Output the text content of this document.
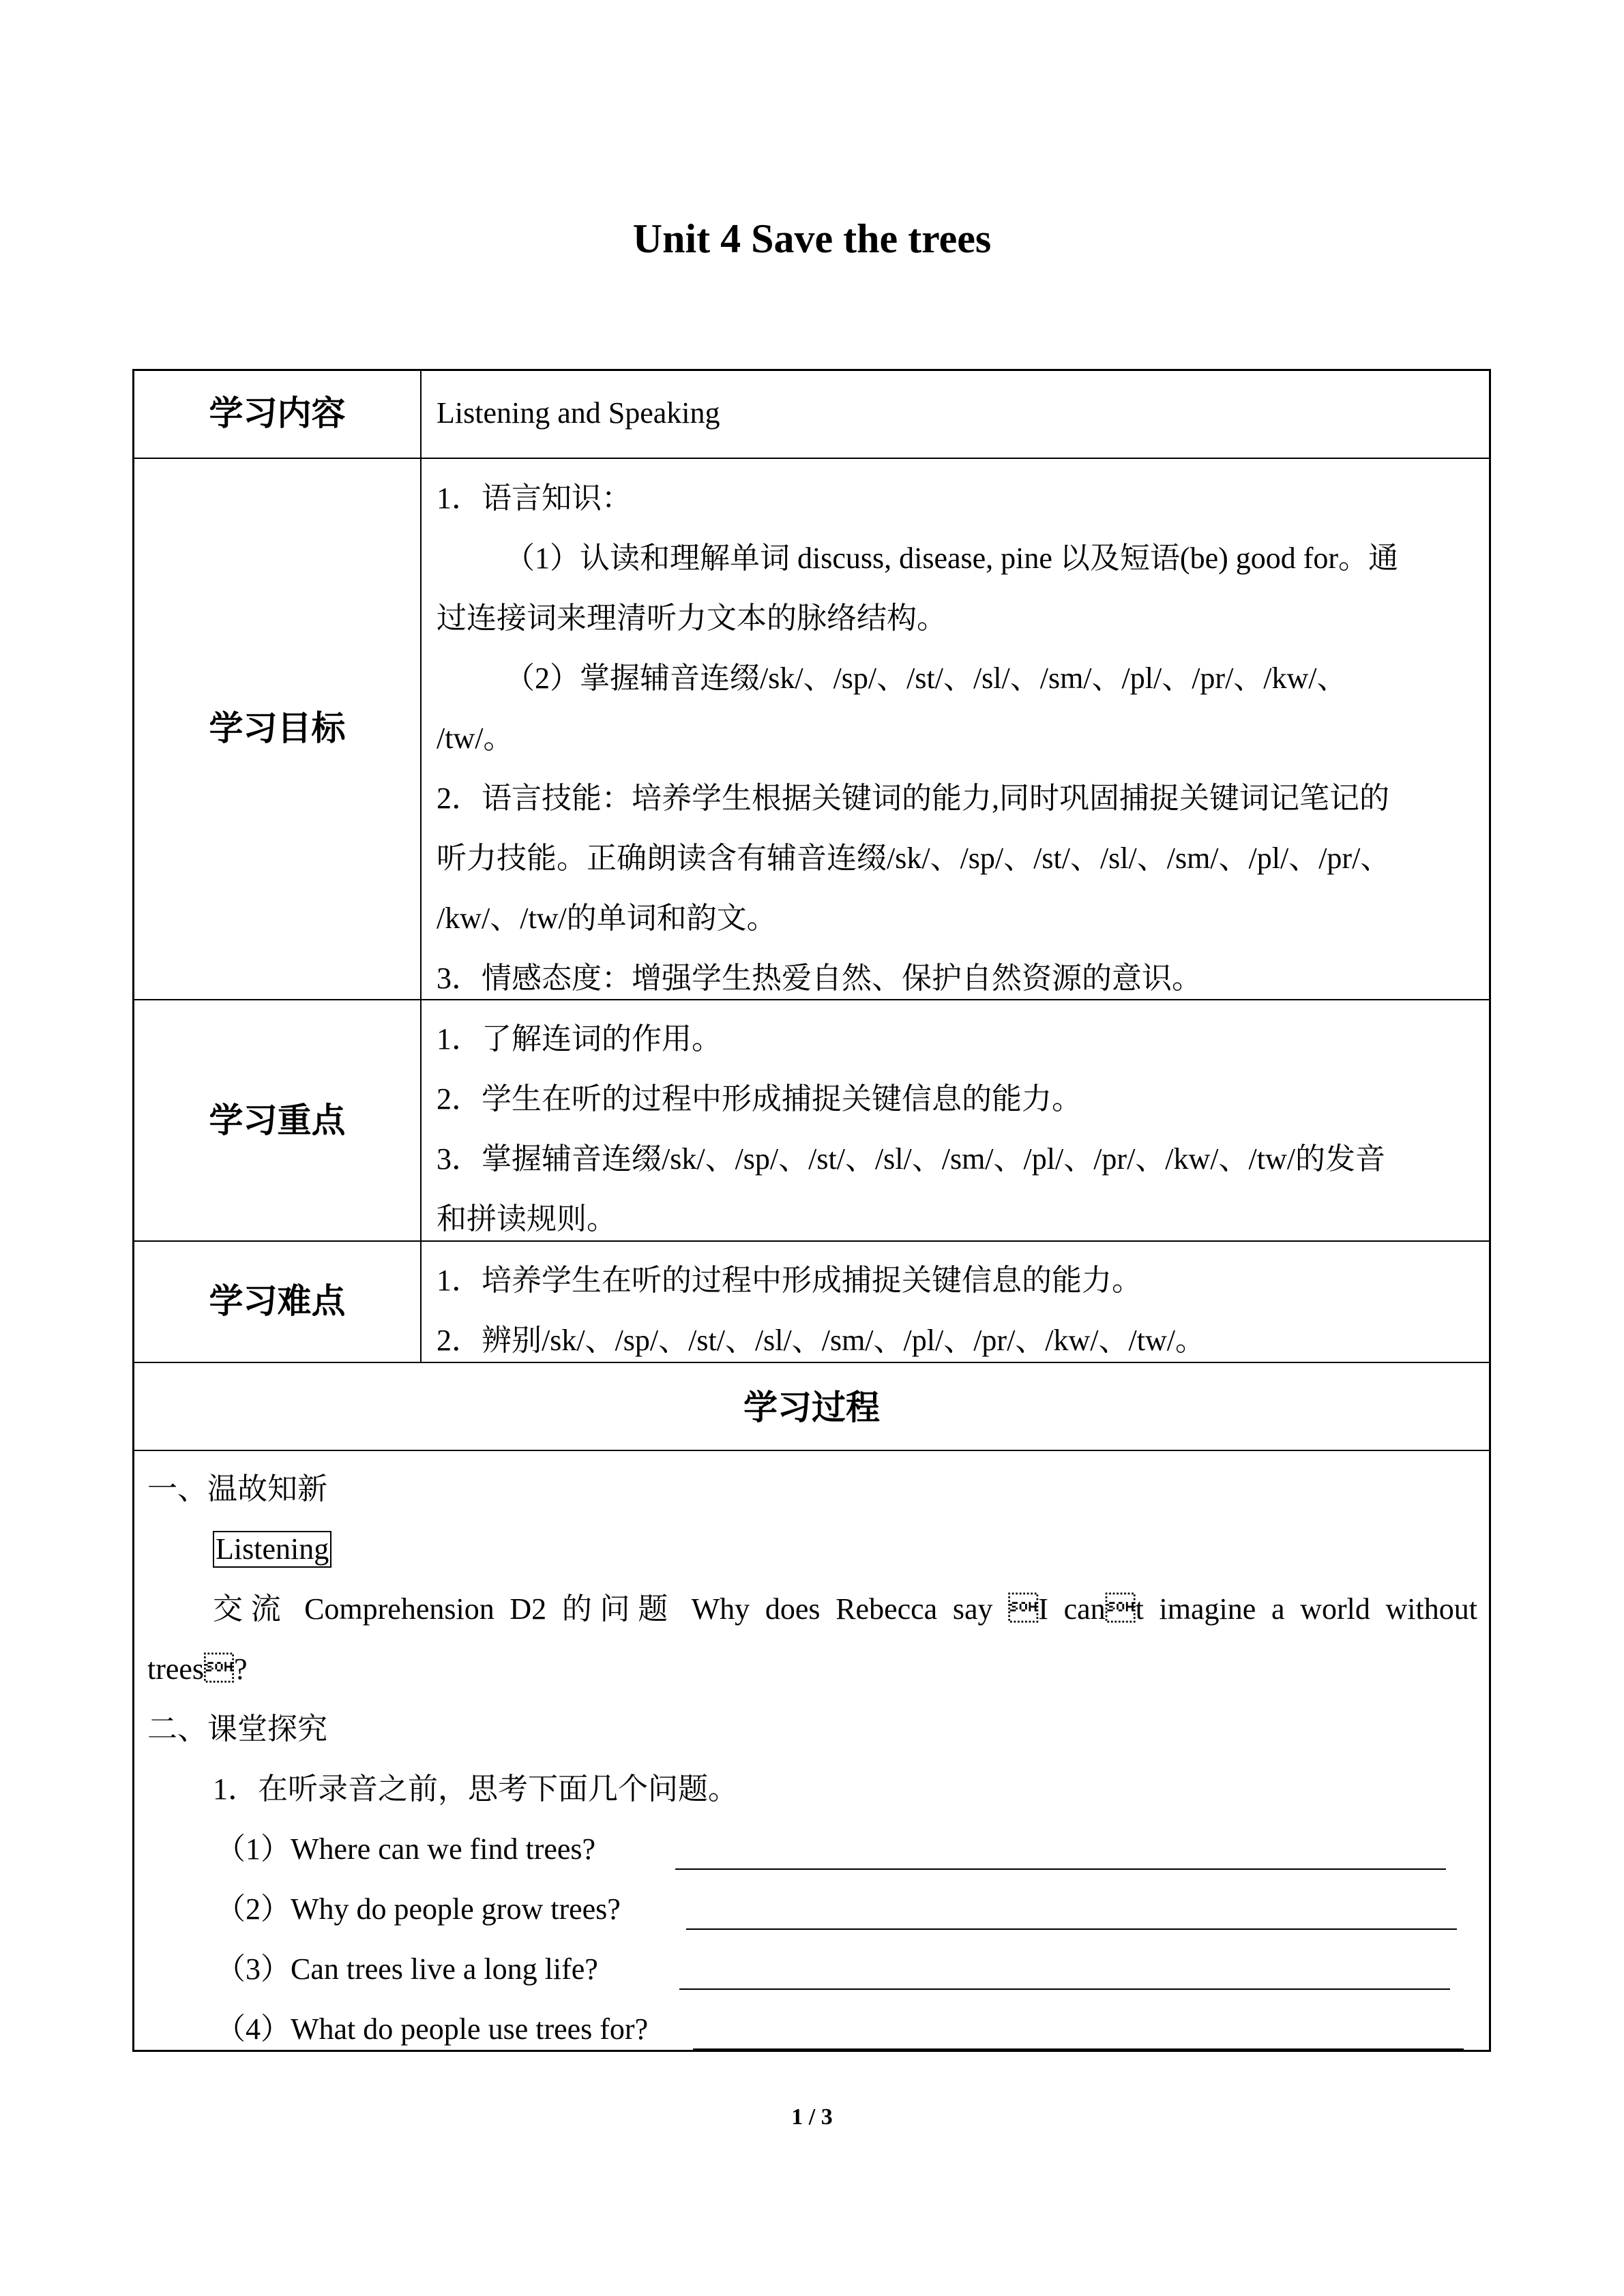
Unit 4 Save the trees
学习内容	Listening and Speaking
学习目标
1．语言知识：
（1）认读和理解单词 discuss, disease, pine 以及短语(be) good for。通
过连接词来理清听力文本的脉络结构。
（2）掌握辅音连缀/sk/、/sp/、/st/、/sl/、/sm/、/pl/、/pr/、/kw/、
/tw/。
2．语言技能：培养学生根据关键词的能力,同时巩固捕捉关键词记笔记的
听力技能。正确朗读含有辅音连缀/sk/、/sp/、/st/、/sl/、/sm/、/pl/、/pr/、
/kw/、/tw/的单词和韵文。
3．情感态度：增强学生热爱自然、保护自然资源的意识。
学习重点
1．了解连词的作用。
2．学生在听的过程中形成捕捉关键信息的能力。
3．掌握辅音连缀/sk/、/sp/、/st/、/sl/、/sm/、/pl/、/pr/、/kw/、/tw/的发音
和拼读规则。
学习难点
1．培养学生在听的过程中形成捕捉关键信息的能力。
2．辨别/sk/、/sp/、/st/、/sl/、/sm/、/pl/、/pr/、/kw/、/tw/。
学习过程
一、温故知新
Listening
交流 Comprehension D2 的问题 Why does Rebecca say I cant imagine a world without
trees?
二、课堂探究
1．在听录音之前，思考下面几个问题。
（1）Where can we find trees?
（2）Why do people grow trees?
（3）Can trees live a long life?
（4）What do people use trees for?
1 / 3
